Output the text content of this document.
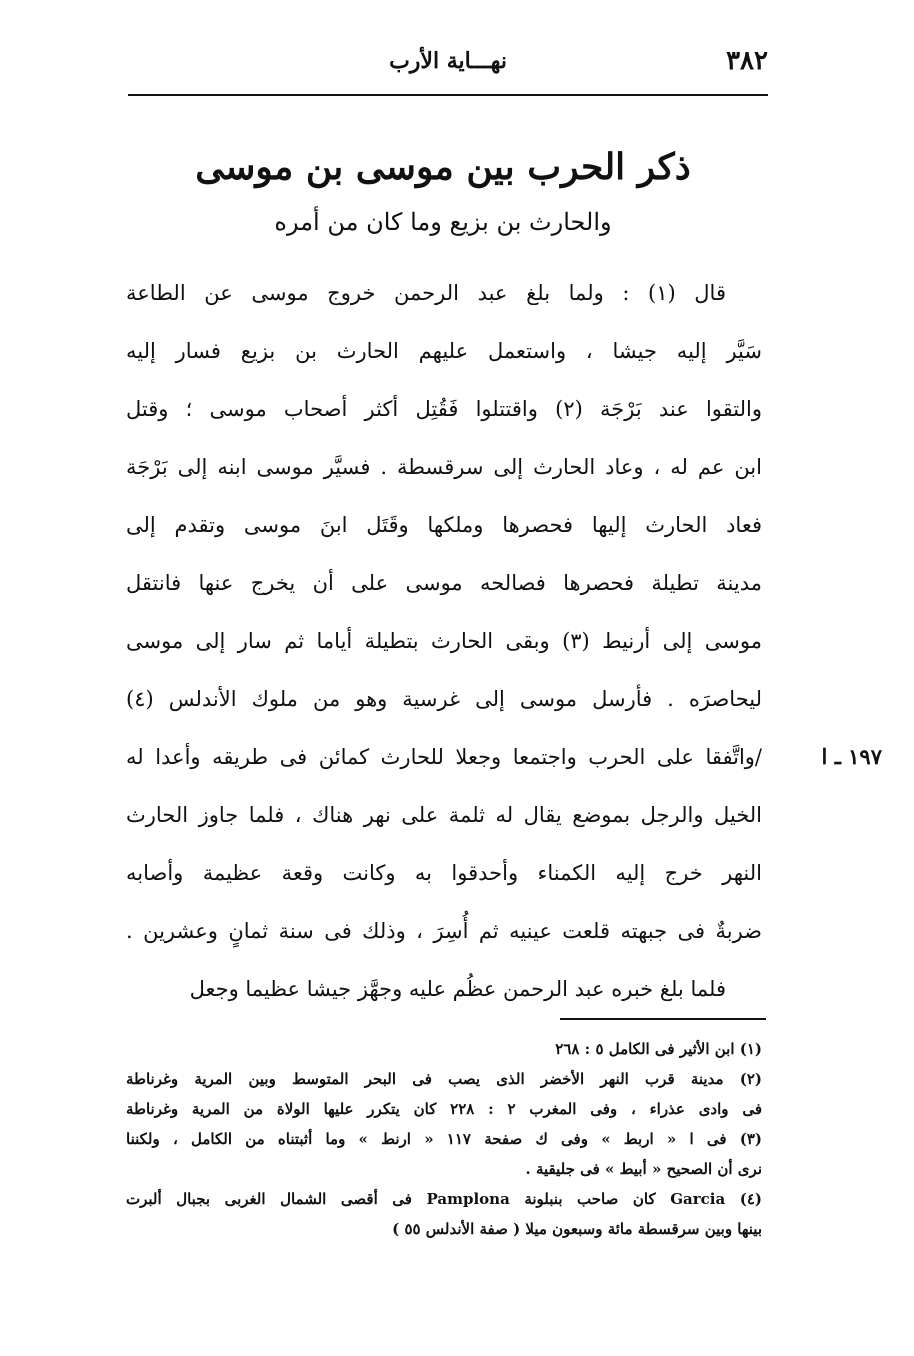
٣٨٢
نهـــاية الأرب
ذكر الحرب بين موسى بن موسى
والحارث بن بزيع وما كان من أمره
١٩٧ ـ ا
قال (١) : ولما بلغ عبد الرحمن خروج موسى عن الطاعة
سَيَّر إليه جيشا ، واستعمل عليهم الحارث بن بزيع فسار إليه
والتقوا عند بَرْجَة (٢) واقتتلوا فَقُتِل أكثر أصحاب موسى ؛ وقتل
ابن عم له ، وعاد الحارث إلى سرقسطة . فسيَّر موسى ابنه إلى بَرْجَة
فعاد الحارث إليها فحصرها وملكها وقَتَل ابنَ موسى وتقدم إلى
مدينة تطيلة فحصرها فصالحه موسى على أن يخرج عنها فانتقل
موسى إلى أرنيط (٣) وبقى الحارث بتطيلة أياما ثم سار إلى موسى
ليحاصرَه . فأرسل موسى إلى غرسية وهو من ملوك الأندلس (٤)
/واتَّفقا على الحرب واجتمعا وجعلا للحارث كمائن فى طريقه وأعدا له
الخيل والرجل بموضع يقال له ثلمة على نهر هناك ، فلما جاوز الحارث
النهر خرج إليه الكمناء وأحدقوا به وكانت وقعة عظيمة وأصابه
ضربةٌ فى جبهته قلعت عينيه ثم أُسِرَ ، وذلك فى سنة ثمانٍ وعشرين .
فلما بلغ خبره عبد الرحمن عظُم عليه وجهَّز جيشا عظيما وجعل
(١) ابن الأثير فى الكامل ٥ : ٢٦٨
(٢) مدينة قرب النهر الأخضر الذى يصب فى البحر المتوسط وبين المرية وغرناطة
فى وادى عذراء ، وفى المغرب ٢ : ٢٢٨ كان يتكرر عليها الولاة من المرية وغرناطة
(٣) فى ا « اربط » وفى ك صفحة ١١٧ « ارنط » وما أثبتناه من الكامل ، ولكننا
نرى أن الصحيح « أبيط » فى جليقية .
(٤) Garcia كان صاحب بنبلونة Pamplona فى أقصى الشمال الغربى بجبال ألبرت
بينها وبين سرقسطة مائة وسبعون ميلا ( صفة الأندلس ٥٥ )
